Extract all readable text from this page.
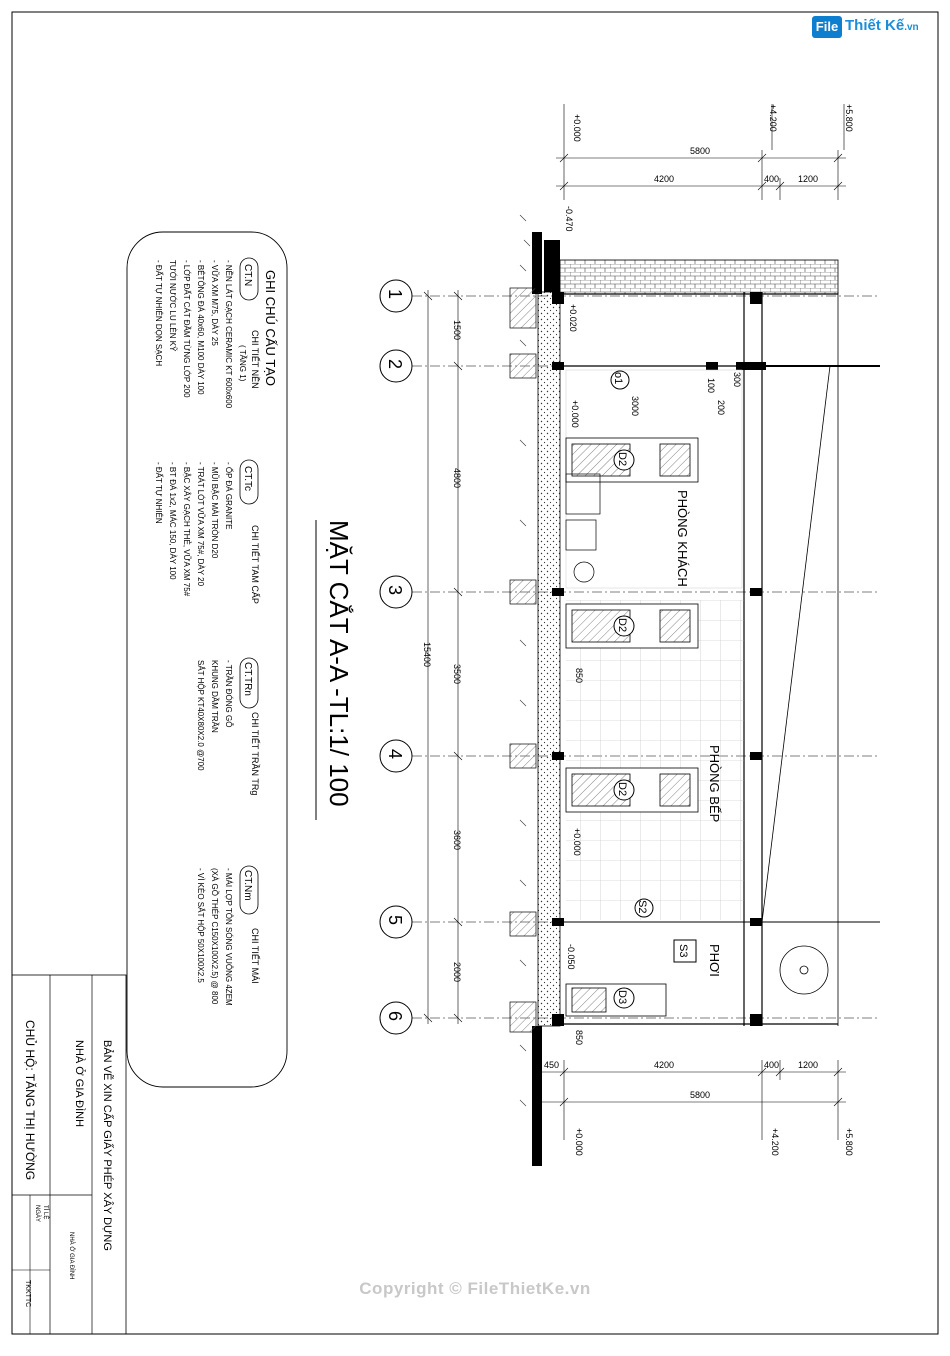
BẢN VẼ XIN CẤP GIẤY PHÉP XÂY DỰNG
NHÀ Ở GIA ĐÌNH
CHỦ HỘ: TĂNG THỊ HƯỜNG
NHÀ Ở GIA ĐÌNH
TỈ LỆ
NGÀY
TKKTTC
GHI CHÚ CẤU TẠO
CT.N
CHI TIẾT NỀN
( TẦNG 1)
- NỀN LÁT GẠCH CERAMIC KT 600x600
- VỮA XM M75, DÀY 25
- BÊTÔNG ĐÁ 40x60, M100 DÀY 100
- LỚP ĐẤT CÁT ĐẦM TỪNG LỚP 200
TƯỚI NƯỚC LU LÈN KỸ
- ĐẤT TỰ NHIÊN DỌN SẠCH
CT.Tc
CHI TIẾT TAM CẤP
- ỐP ĐÁ GRANITE
- MŨI BẬC MÀI TRÒN D20
- TRÁT LÓT VỮA XM 75#, DÀY 20
- BẬC XÂY GẠCH THẺ, VỮA XM 75#
- BT ĐÁ 1x2, MÁC 150, DÀY 100
- ĐẤT TỰ NHIÊN
CT.TRn
CHI TIẾT TRẦN TRg
- TRẦN ĐÓNG GỖ
KHUNG DẦM TRẦN
SẮT HỘP KT40X80X2.0 @700
CT.Nm
CHI TIẾT MÁI
- MÁI LỢP TÔN SÓNG VUÔNG 4ZEM
(XÀ GỒ THÉP C150X100X2.5) @ 800
- VÌ KÈO SẮT HỘP 50X100X2.5
MẶT CẮT A-A -TL:1/ 100
1
2
3
4
5
6
1500
4800
3500
3600
2000
15400
D2
D2
D2
D3
o1
S2
S3
PHÒNG KHÁCH
PHÒNG BẾP
PHƠI
100 300
200
3000
850
850
-0.470
+0.020
+0.000
+0.000
-0.050
5800
4200	400 1200
+0.000	+4.200	+5.800
450	4200	400 1200
5800
+0.000	+4.200	+5.800
File Thiết Kế.vn
Copyright © FileThietKe.vn
